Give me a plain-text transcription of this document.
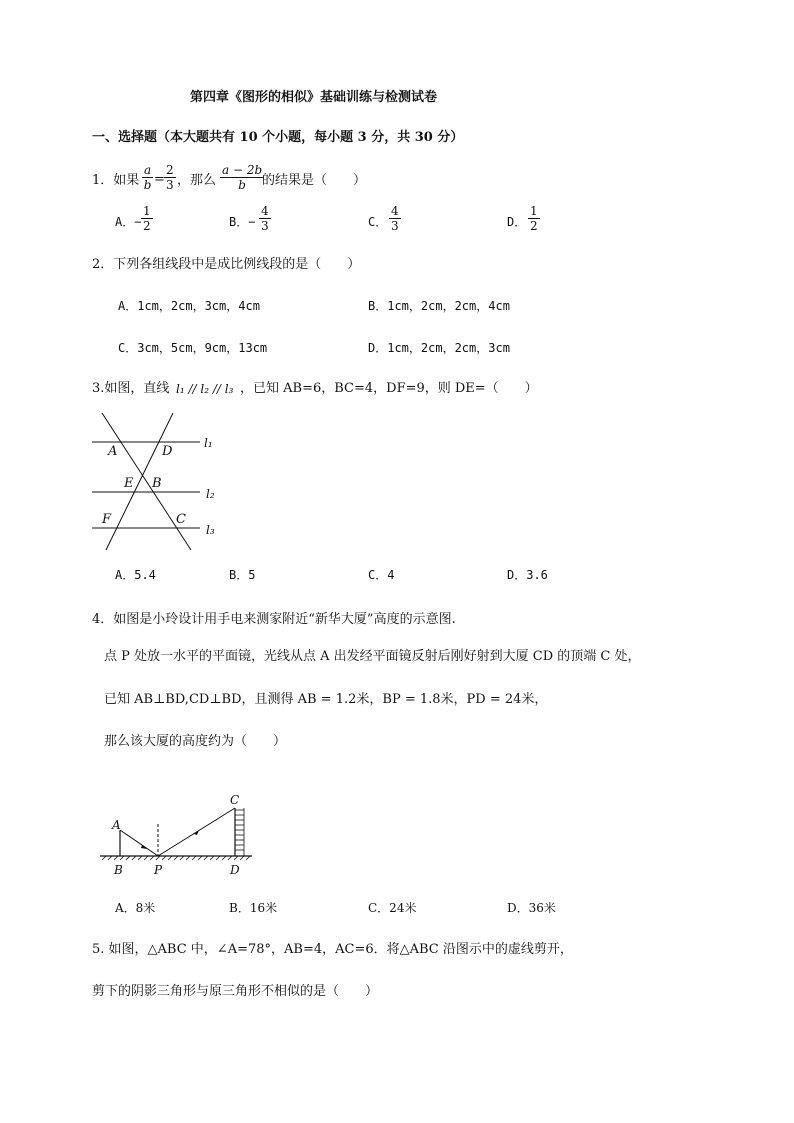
第四章《图形的相似》基础训练与检测试卷
一、选择题（本大题共有 10 个小题，每小题 3 分，共 30 分）
1．如果 $\frac{a}{b} = \frac{2}{3}$ ，那么 $\frac{a - 2b}{b}$
的结果是（　　）
A．− $\frac{1}{2}$	B．− $\frac{4}{3}$	C． $\frac{4}{3}$	D． $\frac{1}{2}$
2．下列各组线段中是成比例线段的是（　　）
A．1cm，2cm，3cm，4cm	B．1cm，2cm，2cm，4cm
C．3cm，5cm，9cm，13cm	D．1cm，2cm，2cm，3cm
3.如图，直线 l₁ // l₂ // l₃ ，已知 AB=6，BC=4，DF=9，则 DE=（　　）
A	D
E B
F	C
l₁
l₂
l₃
A．5.4	B．5	C．4	D．3.6
4．如图是小玲设计用手电来测家附近“新华大厦”高度的示意图.
点 P 处放一水平的平面镜，光线从点 A 出发经平面镜反射后刚好射到大厦 CD 的顶端 C 处，
已知 AB⊥BD,CD⊥BD，且测得 AB = 1.2米，BP = 1.8米，PD = 24米，
那么该大厦的高度约为（　　）
A
B	P
C
D
A．8米	B．16米	C．24米	D．36米
5. 如图，△ABC 中，∠A=78°，AB=4，AC=6．将△ABC 沿图示中的虚线剪开，
剪下的阴影三角形与原三角形不相似的是（　　）
